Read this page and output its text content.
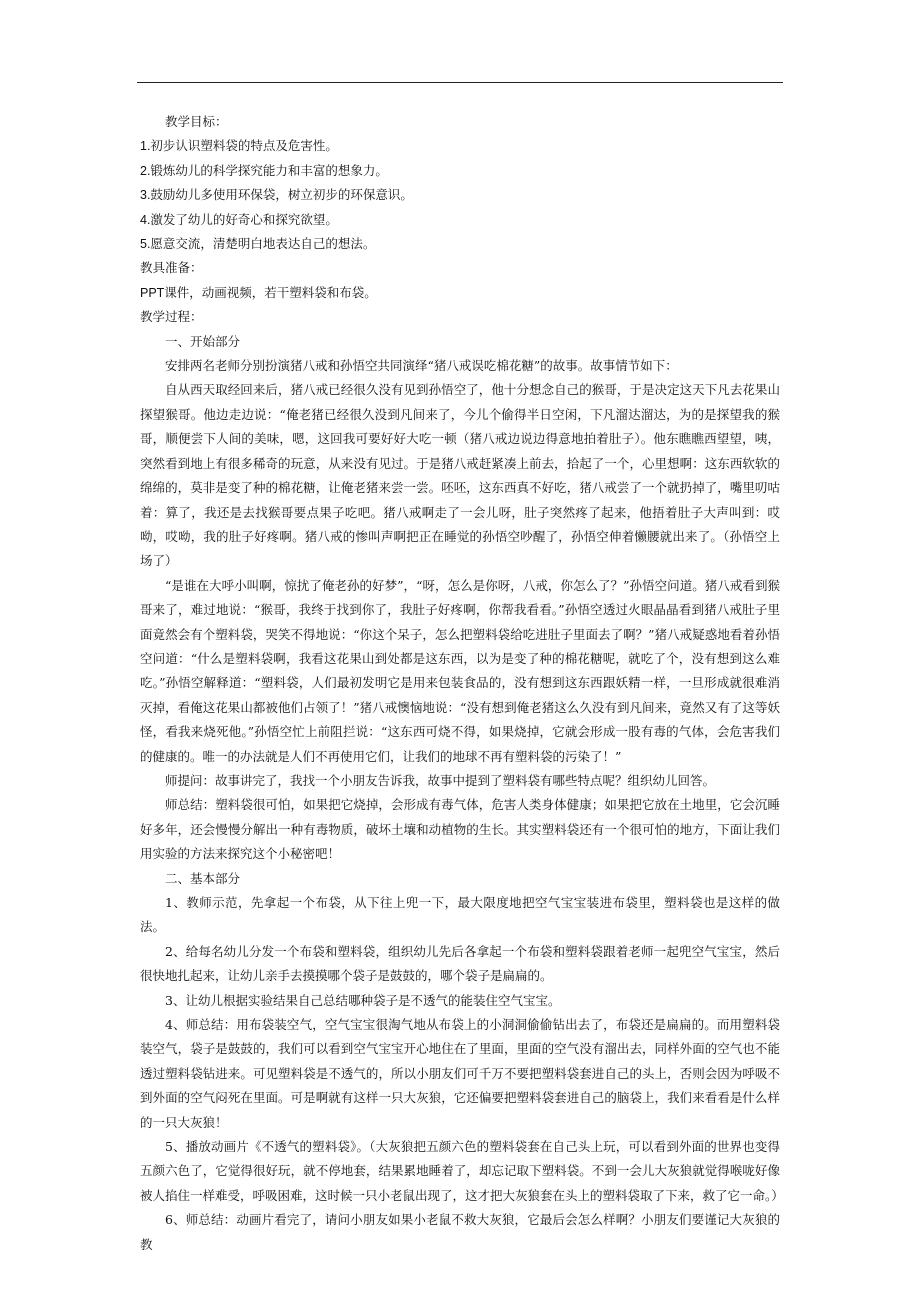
教学目标：

1.初步认识塑料袋的特点及危害性。

2.锻炼幼儿的科学探究能力和丰富的想象力。

3.鼓励幼儿多使用环保袋，树立初步的环保意识。

4.激发了幼儿的好奇心和探究欲望。

5.愿意交流，清楚明白地表达自己的想法。

教具准备：

PPT课件，动画视频，若干塑料袋和布袋。

教学过程：

一、开始部分

安排两名老师分别扮演猪八戒和孙悟空共同演绎“猪八戒误吃棉花糖”的故事。故事情节如下：

自从西天取经回来后，猪八戒已经很久没有见到孙悟空了，他十分想念自己的猴哥，于是决定这天下凡去花果山探望猴哥。他边走边说：“俺老猪已经很久没到凡间来了，今儿个偷得半日空闲，下凡溜达溜达，为的是探望我的猴哥，顺便尝下人间的美味，嗯，这回我可要好好大吃一顿（猪八戒边说边得意地拍着肚子）。他东瞧瞧西望望，咦，突然看到地上有很多稀奇的玩意，从来没有见过。于是猪八戒赶紧凑上前去，拾起了一个，心里想啊：这东西软软的绵绵的，莫非是变了种的棉花糖，让俺老猪来尝一尝。呸呸，这东西真不好吃，猪八戒尝了一个就扔掉了，嘴里叨咕着：算了，我还是去找猴哥要点果子吃吧。猪八戒啊走了一会儿呀，肚子突然疼了起来，他捂着肚子大声叫到：哎呦，哎呦，我的肚子好疼啊。猪八戒的惨叫声啊把正在睡觉的孙悟空吵醒了，孙悟空伸着懒腰就出来了。（孙悟空上场了）

“是谁在大呼小叫啊，惊扰了俺老孙的好梦”，“呀，怎么是你呀，八戒，你怎么了？”孙悟空问道。猪八戒看到猴哥来了，难过地说：“猴哥，我终于找到你了，我肚子好疼啊，你帮我看看。”孙悟空透过火眼晶晶看到猪八戒肚子里面竟然会有个塑料袋，哭笑不得地说：“你这个呆子，怎么把塑料袋给吃进肚子里面去了啊？”猪八戒疑惑地看着孙悟空问道：“什么是塑料袋啊，我看这花果山到处都是这东西，以为是变了种的棉花糖呢，就吃了个，没有想到这么难吃。”孙悟空解释道：“塑料袋，人们最初发明它是用来包装食品的，没有想到这东西跟妖精一样，一旦形成就很难消灭掉，看俺这花果山都被他们占领了！”猪八戒懊恼地说：“没有想到俺老猪这么久没有到凡间来，竟然又有了这等妖怪，看我来烧死他。”孙悟空忙上前阻拦说：“这东西可烧不得，如果烧掉，它就会形成一股有毒的气体，会危害我们的健康的。唯一的办法就是人们不再使用它们，让我们的地球不再有塑料袋的污染了！”

师提问：故事讲完了，我找一个小朋友告诉我，故事中提到了塑料袋有哪些特点呢？组织幼儿回答。

师总结：塑料袋很可怕，如果把它烧掉，会形成有毒气体，危害人类身体健康；如果把它放在土地里，它会沉睡好多年，还会慢慢分解出一种有毒物质，破坏土壤和动植物的生长。其实塑料袋还有一个很可怕的地方，下面让我们用实验的方法来探究这个小秘密吧！

二、基本部分

1、教师示范，先拿起一个布袋，从下往上兜一下，最大限度地把空气宝宝装进布袋里，塑料袋也是这样的做法。

2、给每名幼儿分发一个布袋和塑料袋，组织幼儿先后各拿起一个布袋和塑料袋跟着老师一起兜空气宝宝，然后很快地扎起来，让幼儿亲手去摸摸哪个袋子是鼓鼓的，哪个袋子是扁扁的。

3、让幼儿根据实验结果自己总结哪种袋子是不透气的能装住空气宝宝。

4、师总结：用布袋装空气，空气宝宝很淘气地从布袋上的小洞洞偷偷钻出去了，布袋还是扁扁的。而用塑料袋装空气，袋子是鼓鼓的，我们可以看到空气宝宝开心地住在了里面，里面的空气没有溜出去，同样外面的空气也不能透过塑料袋钻进来。可见塑料袋是不透气的，所以小朋友们可千万不要把塑料袋套进自己的头上，否则会因为呼吸不到外面的空气闷死在里面。可是啊就有这样一只大灰狼，它还偏要把塑料袋套进自己的脑袋上，我们来看看是什么样的一只大灰狼！

5、播放动画片《不透气的塑料袋》。（大灰狼把五颜六色的塑料袋套在自己头上玩，可以看到外面的世界也变得五颜六色了，它觉得很好玩，就不停地套，结果累地睡着了，却忘记取下塑料袋。不到一会儿大灰狼就觉得喉咙好像被人掐住一样难受，呼吸困难，这时候一只小老鼠出现了，这才把大灰狼套在头上的塑料袋取了下来，救了它一命。）

6、师总结：动画片看完了，请问小朋友如果小老鼠不救大灰狼，它最后会怎么样啊？小朋友们要谨记大灰狼的教
